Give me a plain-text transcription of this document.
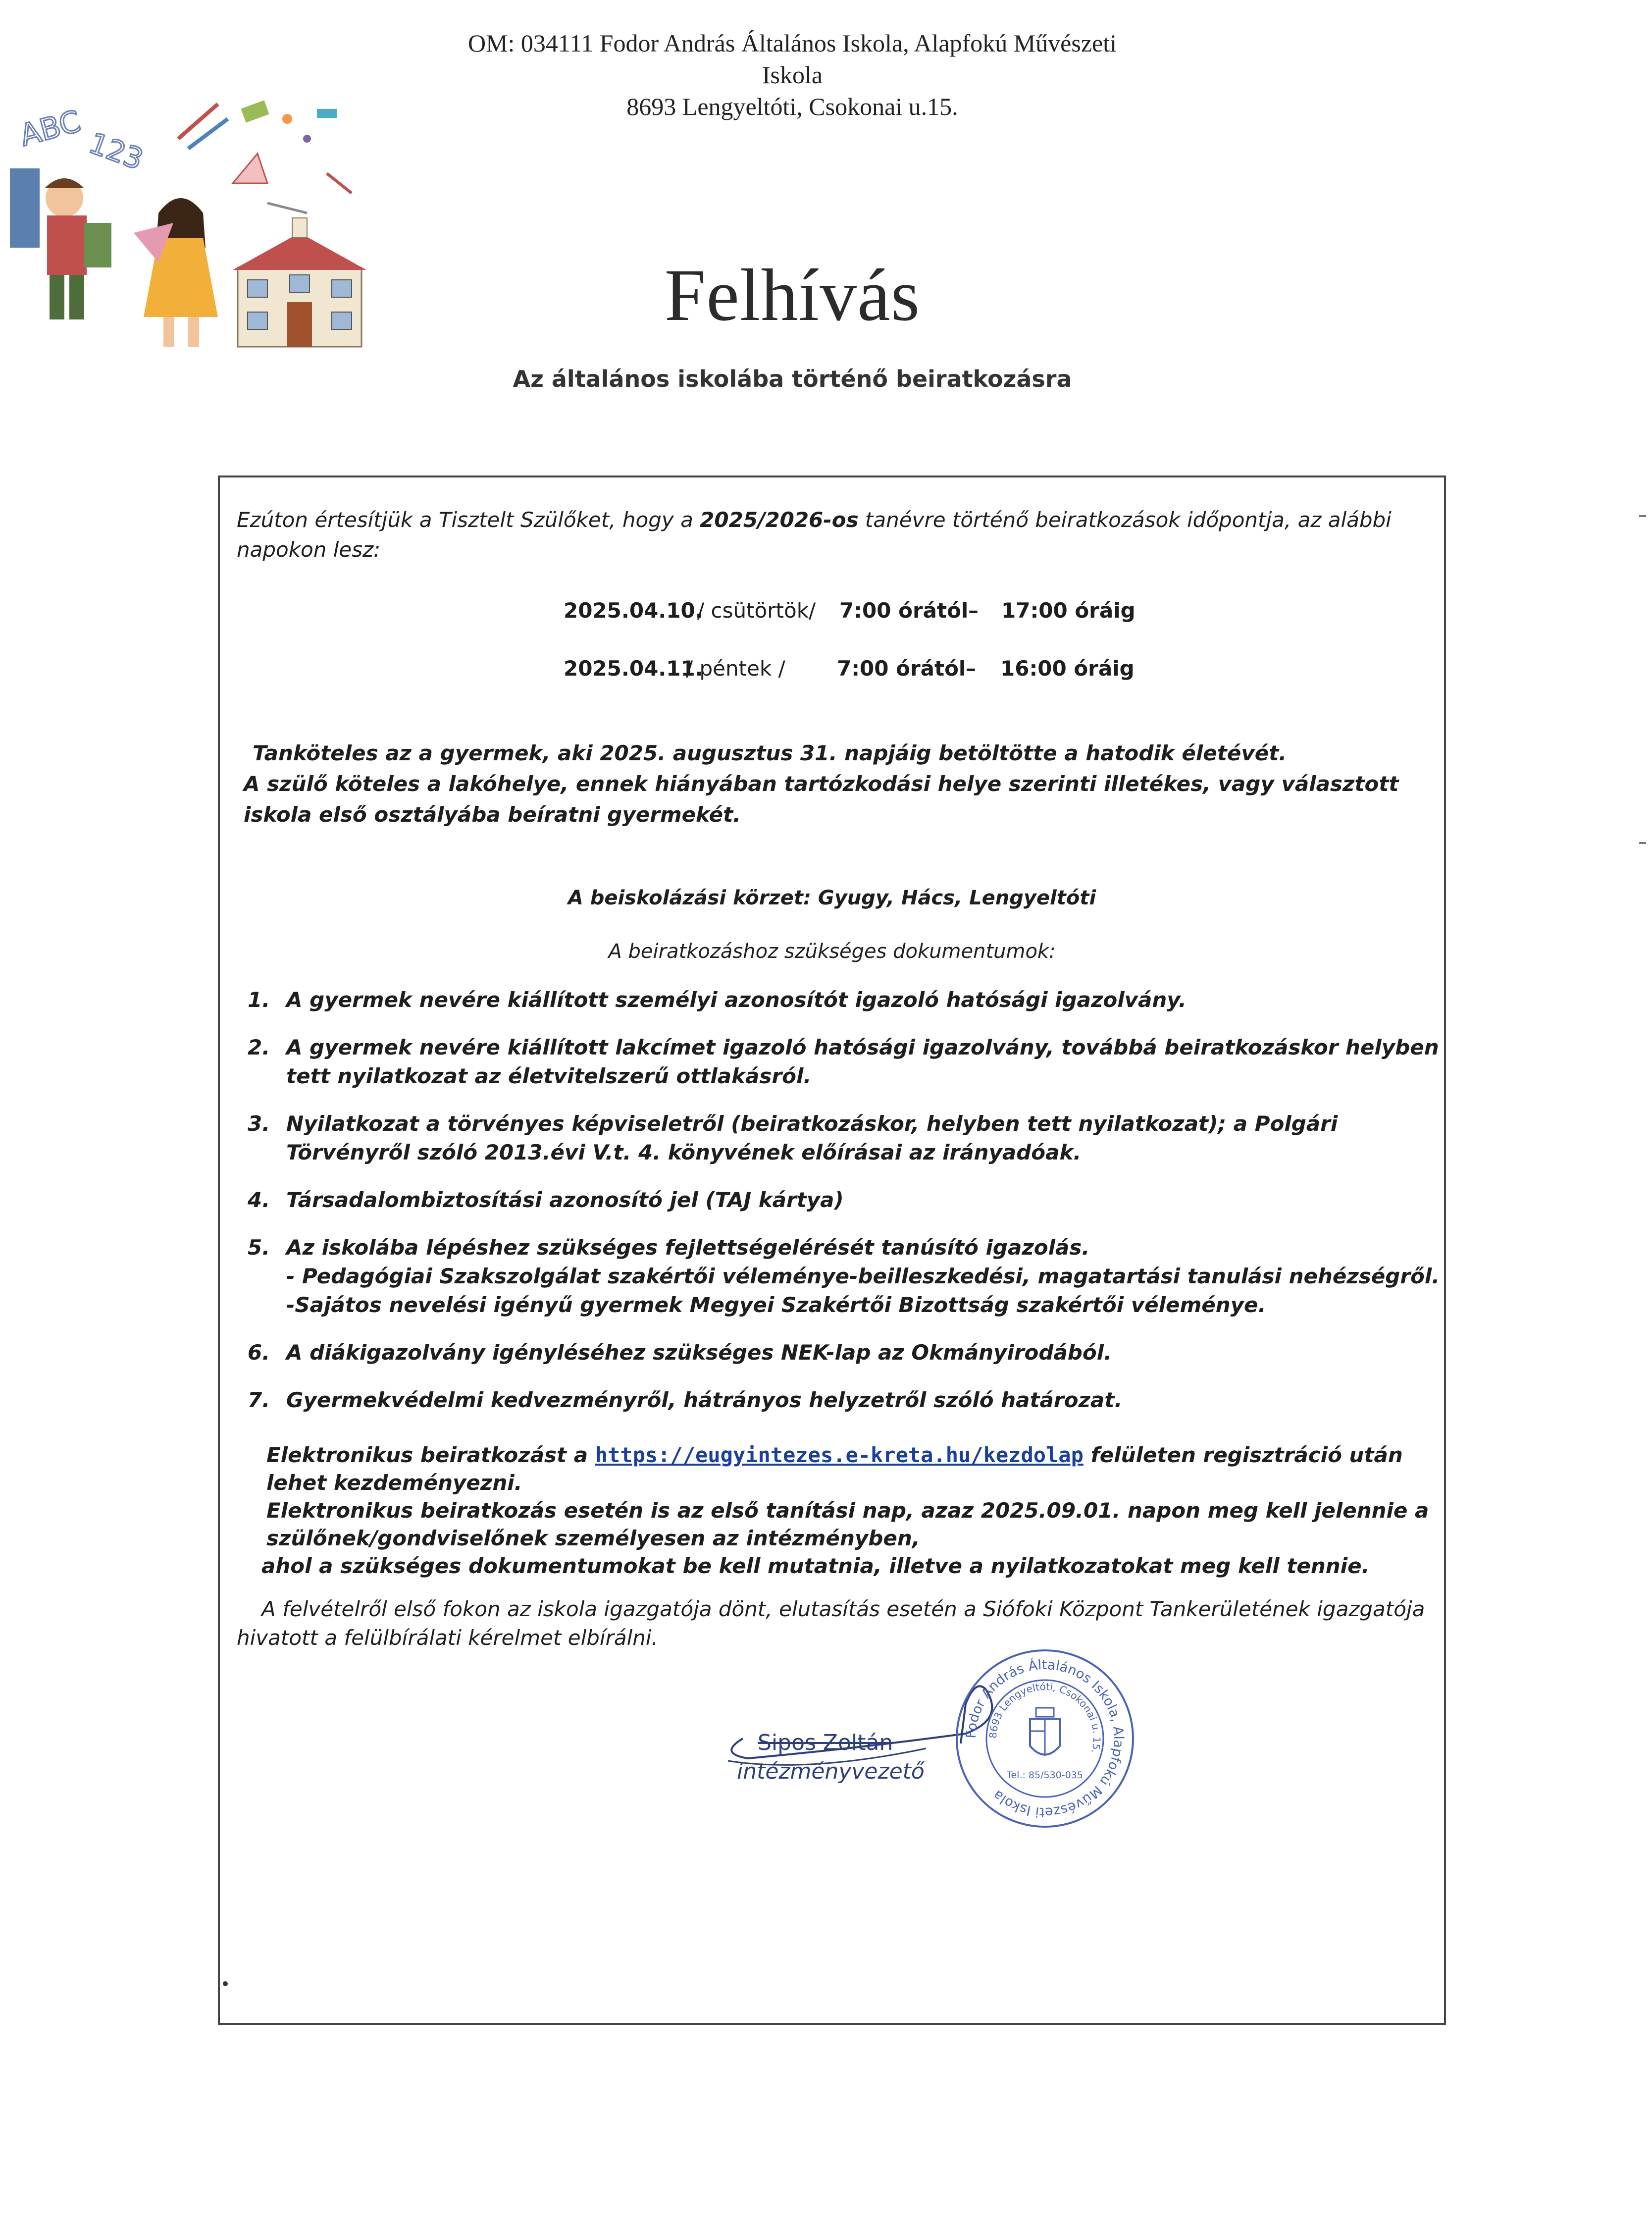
OM: 034111 Fodor András Általános Iskola, Alapfokú Művészeti Iskola
8693 Lengyeltóti, Csokonai u.15.
ABC 123
Felhívás
Az általános iskolába történő beiratkozásra
Ezúton értesítjük a Tisztelt Szülőket, hogy a 2025/2026-os tanévre történő beiratkozások időpontja, az alábbi napokon lesz:
2025.04.10.
/ csütörtök/ 7:00 órától – 17:00 óráig
2025.04.11.
/ péntek / 7:00 órától – 16:00 óráig
Tanköteles az a gyermek, aki 2025. augusztus 31. napjáig betöltötte a hatodik életévét.
A szülő köteles a lakóhelye, ennek hiányában tartózkodási helye szerinti illetékes, vagy választott iskola első osztályába beíratni gyermekét.
A beiskolázási körzet: Gyugy, Hács, Lengyeltóti
A beiratkozáshoz szükséges dokumentumok:
1. A gyermek nevére kiállított személyi azonosítót igazoló hatósági igazolvány.
2. A gyermek nevére kiállított lakcímet igazoló hatósági igazolvány, továbbá beiratkozáskor helyben tett nyilatkozat az életvitelszerű ottlakásról.
3. Nyilatkozat a törvényes képviseletről (beiratkozáskor, helyben tett nyilatkozat); a Polgári Törvényről szóló 2013.évi V.t. 4. könyvének előírásai az irányadóak.
4. Társadalombiztosítási azonosító jel (TAJ kártya)
5. Az iskolába lépéshez szükséges fejlettségelérését tanúsító igazolás.
- Pedagógiai Szakszolgálat szakértői véleménye-beilleszkedési, magatartási tanulási nehézségről.
-Sajátos nevelési igényű gyermek Megyei Szakértői Bizottság szakértői véleménye.
6. A diákigazolvány igényléséhez szükséges NEK-lap az Okmányirodából.
7. Gyermekvédelmi kedvezményről, hátrányos helyzetről szóló határozat.
Elektronikus beiratkozást a https://eugyintezes.e-kreta.hu/kezdolap felületen regisztráció után lehet kezdeményezni.
Elektronikus beiratkozás esetén is az első tanítási nap, azaz 2025.09.01. napon meg kell jelennie a szülőnek/gondviselőnek személyesen az intézményben,
ahol a szükséges dokumentumokat be kell mutatnia, illetve a nyilatkozatokat meg kell tennie.
A felvételről első fokon az iskola igazgatója dönt, elutasítás esetén a Siófoki Központ Tankerületének igazgatója hivatott a felülbírálati kérelmet elbírálni.
Sipos Zoltán
intézményvezető
Fodor András Általános Iskola, Alapfokú Művészeti Iskola
8693 Lengyeltóti, Csokonai u. 15.
Tel.: 85/530-035
